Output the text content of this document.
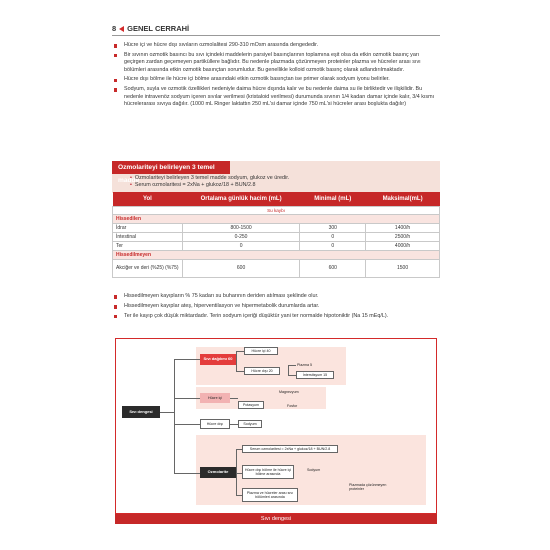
8 GENEL CERRAHİ
Hücre içi ve hücre dışı sıvıların ozmolalitesi 290-310 mOsm arasında dengededir.
Bir sıvının ozmotik basıncı bu sıvı içindeki maddelerin parsiyel basınçlarının toplamına eşit olsa da etkin ozmotik basınç yarı geçirgen zardan geçemeyen partiküllere bağlıdır. Bu nedenle plazmada çözünmeyen proteinler plazma ve hücreler arası sıvı bölümleri arasında etkin ozmotik basınçtan sorumludur. Bu genellikle kolloid ozmotik basınç olarak adlandırılmaktadır.
Hücre dışı bölme ile hücre içi bölme arasındaki etkin ozmotik basınçtan ise primer olarak sodyum iyonu beliriler.
Sodyum, suyla ve ozmotik özellikleri nedeniyle daima hücre dışında kalır ve bu nedenle daima su ile birliktedir ve ilişkilidir. Bu nedenle intravenöz sodyum içeren sıvılar verilmesi (kristaloid verilmesi) durumunda sıvının 1/4 kadarı damar içinde kalır, 3/4 kısmı hücrelerarası sıvıya dağılır. (1000 mL Ringer laktattın 250 mL'si damar içinde 750 mL'si hücreler arası boşlukta dağılır)
Ozmolariteyi belirleyen 3 temel madde
• Ozmolariteyi belirleyen 3 temel madde sodyum, glukoz ve üredir.
• Serum ozmolaritesi = 2xNa + glukoz/18 + BUN/2.8
Yol	Ortalama günlük hacim (mL)	Minimal (mL)	Maksimal(mL)
Su kaybı			
Hissedilen			
İdrar	800-1500	300	1400/h
İntestinal	0-250	0	2500/h
Ter	0	0	4000/h
Hissedilmeyen			
Akciğer ve deri (%25) (%75)	600	600	1500
Hissedilmeyen kayıpların % 75 kadarı su buharının deriden atılması şeklinde olur.
Hissedilmeyen kayıplar ateş, hiperventilasyon ve hipermetabolik durumlarda artar.
Ter ile kayıp çok düşük miktardadır. Terin sodyum içeriği düşüktür yani ter normalde hipotoniktir (Na 15 mEq/L).
Sıvı dengesi
Sıvı dağılımı 60
Hücre içi 40
Hücre dışı 20
Plazma 5
İnterstisyum 15
Hücre içi
Potasyum
Magnezyum
Fosfor
Hücre dışı	Sodyum
Ozmolarite
Serum ozmolaritesi = 2xNa + glukoz/18 + BUN/2.8
Hücre dışı bölme ile hücre içi bölme arasında
Sodyum
Plazma ve hücreler arası sıvı bölümleri arasında
Plazmada çözünmeyen proteinler
Sıvı dengesi
